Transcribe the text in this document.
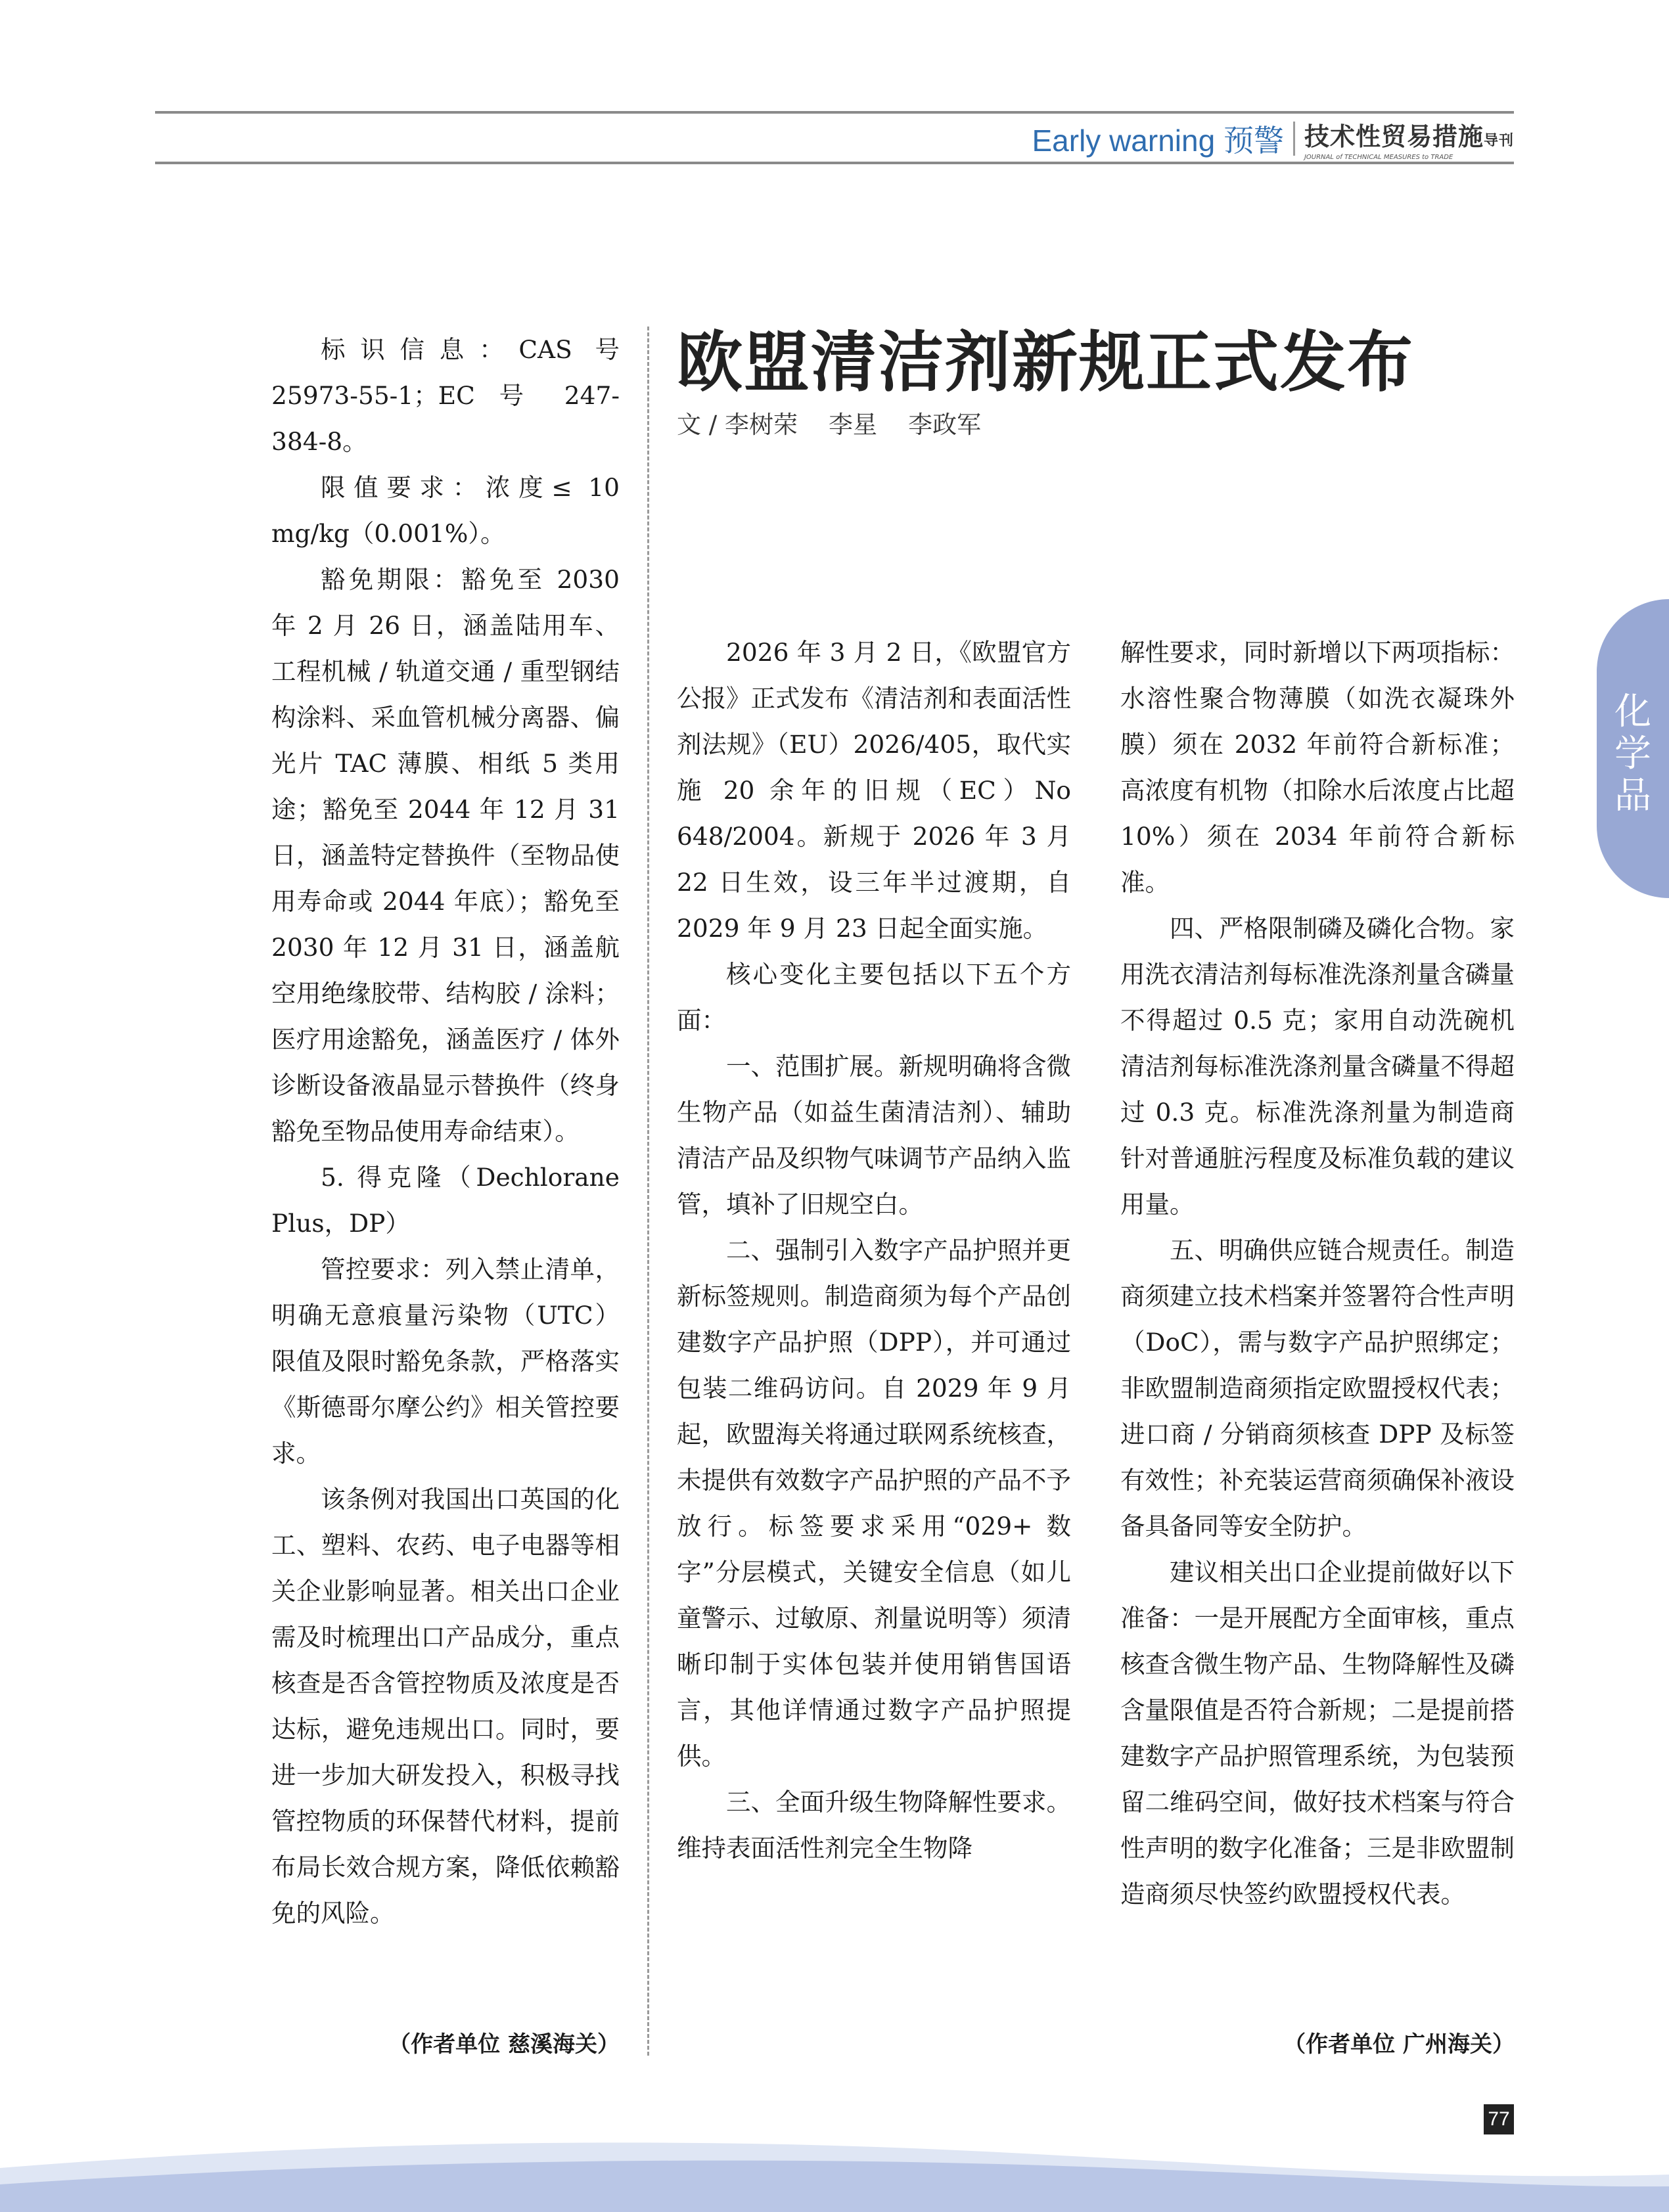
Early warning 预警 技术性贸易措施导刊
JOURNAL of TECHNICAL MEASURES to TRADE

标识信息：CAS 号 25973-55-1；EC 号 247-384-8。

限值要求：浓度≤ 10 mg/kg（0.001%）。

豁免期限：豁免至 2030 年 2 月 26 日，涵盖陆用车、工程机械 / 轨道交通 / 重型钢结构涂料、采血管机械分离器、偏光片 TAC 薄膜、相纸 5 类用途；豁免至 2044 年 12 月 31 日，涵盖特定替换件（至物品使用寿命或 2044 年底）；豁免至 2030 年 12 月 31 日，涵盖航空用绝缘胶带、结构胶 / 涂料；医疗用途豁免，涵盖医疗 / 体外诊断设备液晶显示替换件（终身豁免至物品使用寿命结束）。

5. 得克隆（Dechlorane Plus，DP）

管控要求：列入禁止清单，明确无意痕量污染物（UTC）限值及限时豁免条款，严格落实《斯德哥尔摩公约》相关管控要求。

该条例对我国出口英国的化工、塑料、农药、电子电器等相关企业影响显著。相关出口企业需及时梳理出口产品成分，重点核查是否含管控物质及浓度是否达标，避免违规出口。同时，要进一步加大研发投入，积极寻找管控物质的环保替代材料，提前布局长效合规方案，降低依赖豁免的风险。

（作者单位 慈溪海关）
欧盟清洁剂新规正式发布
文 / 李树荣    李星    李政军

2026 年 3 月 2 日，《欧盟官方公报》正式发布《清洁剂和表面活性剂法规》（EU）2026/405，取代实施 20 余年的旧规（EC）No 648/2004。新规于 2026 年 3 月 22 日生效，设三年半过渡期，自 2029 年 9 月 23 日起全面实施。

核心变化主要包括以下五个方面：

一、范围扩展。新规明确将含微生物产品（如益生菌清洁剂）、辅助清洁产品及织物气味调节产品纳入监管，填补了旧规空白。

二、强制引入数字产品护照并更新标签规则。制造商须为每个产品创建数字产品护照（DPP），并可通过包装二维码访问。自 2029 年 9 月起，欧盟海关将通过联网系统核查，未提供有效数字产品护照的产品不予放行。标签要求采用“029+ 数字”分层模式，关键安全信息（如儿童警示、过敏原、剂量说明等）须清晰印制于实体包装并使用销售国语言，其他详情通过数字产品护照提供。

三、全面升级生物降解性要求。维持表面活性剂完全生物降

解性要求，同时新增以下两项指标：水溶性聚合物薄膜（如洗衣凝珠外膜）须在 2032 年前符合新标准；高浓度有机物（扣除水后浓度占比超 10%）须在 2034 年前符合新标准。

四、严格限制磷及磷化合物。家用洗衣清洁剂每标准洗涤剂量含磷量不得超过 0.5 克；家用自动洗碗机清洁剂每标准洗涤剂量含磷量不得超过 0.3 克。标准洗涤剂量为制造商针对普通脏污程度及标准负载的建议用量。

五、明确供应链合规责任。制造商须建立技术档案并签署符合性声明（DoC），需与数字产品护照绑定；非欧盟制造商须指定欧盟授权代表；进口商 / 分销商须核查 DPP 及标签有效性；补充装运营商须确保补液设备具备同等安全防护。

建议相关出口企业提前做好以下准备：一是开展配方全面审核，重点核查含微生物产品、生物降解性及磷含量限值是否符合新规；二是提前搭建数字产品护照管理系统，为包装预留二维码空间，做好技术档案与符合性声明的数字化准备；三是非欧盟制造商须尽快签约欧盟授权代表。

（作者单位 广州海关）
化学品
77
